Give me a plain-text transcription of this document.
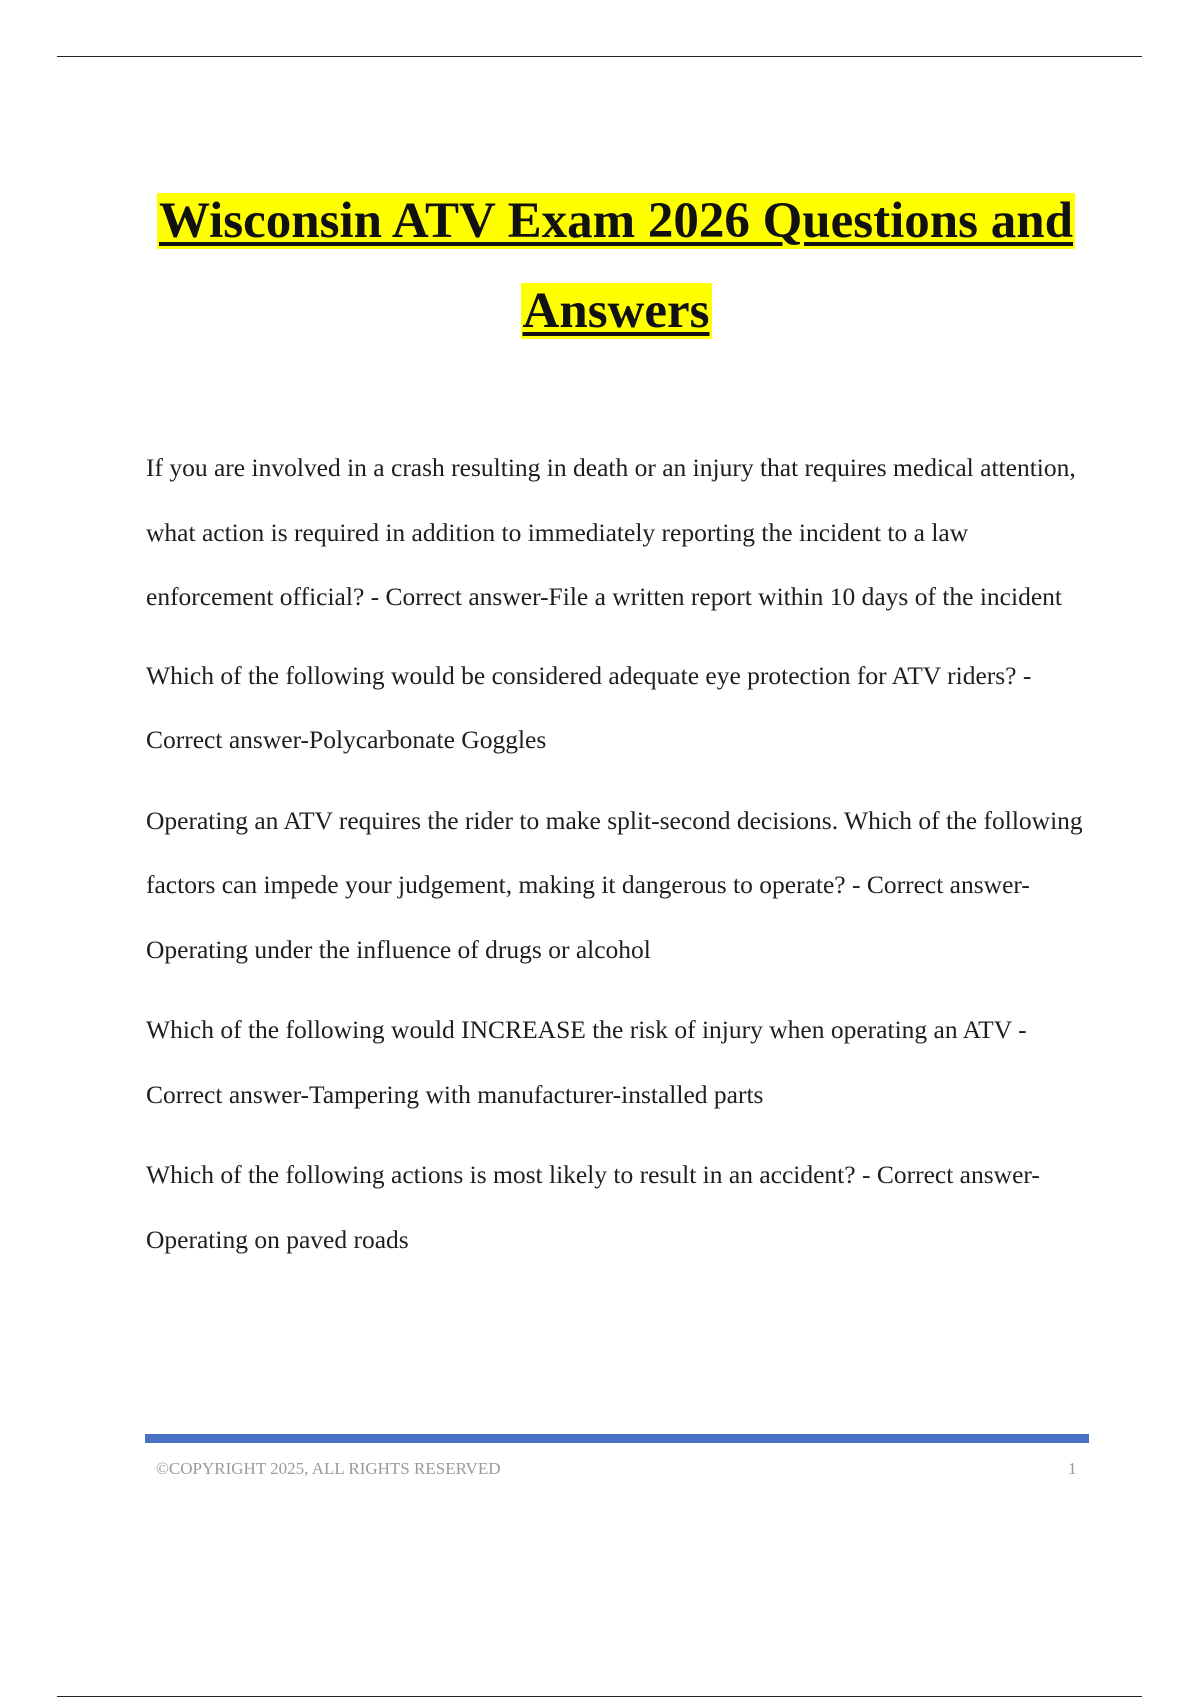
Wisconsin ATV Exam 2026 Questions and Answers

If you are involved in a crash resulting in death or an injury that requires medical attention, what action is required in addition to immediately reporting the incident to a law enforcement official? - Correct answer-File a written report within 10 days of the incident

Which of the following would be considered adequate eye protection for ATV riders? - Correct answer-Polycarbonate Goggles

Operating an ATV requires the rider to make split-second decisions. Which of the following factors can impede your judgement, making it dangerous to operate? - Correct answer-Operating under the influence of drugs or alcohol

Which of the following would INCREASE the risk of injury when operating an ATV - Correct answer-Tampering with manufacturer-installed parts

Which of the following actions is most likely to result in an accident? - Correct answer-Operating on paved roads

©COPYRIGHT 2025, ALL RIGHTS RESERVED	1
